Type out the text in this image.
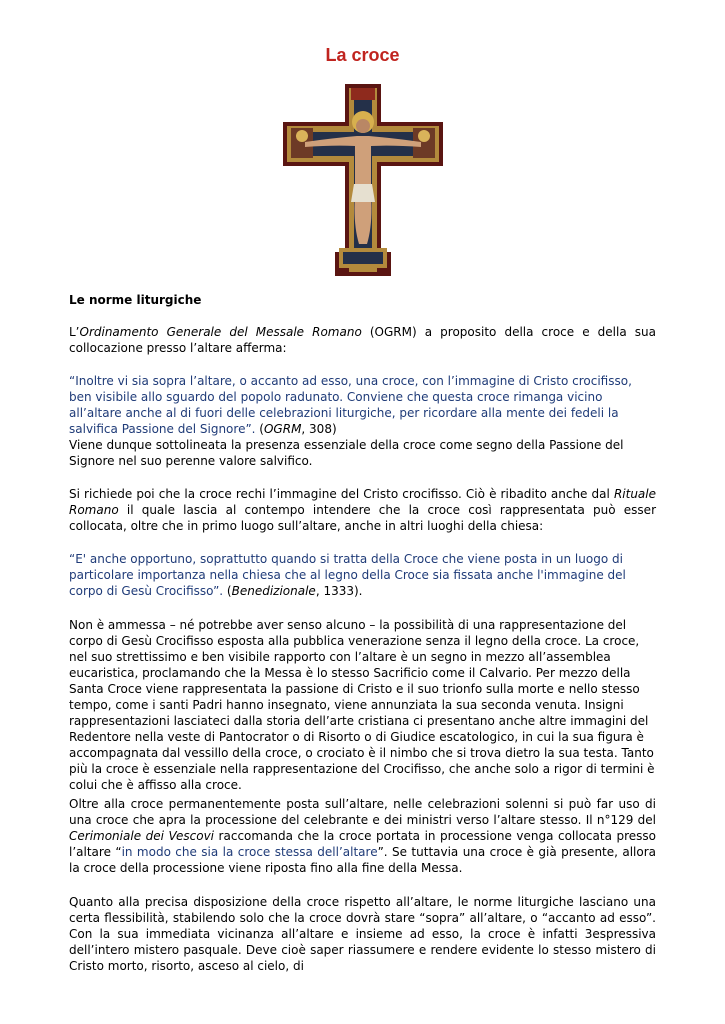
La croce
Le norme liturgiche

L’Ordinamento Generale del Messale Romano (OGRM) a proposito della croce e della sua collocazione presso l’altare afferma:

“Inoltre vi sia sopra l’altare, o accanto ad esso, una croce, con l’immagine di Cristo crocifisso, ben visibile allo sguardo del popolo radunato. Conviene che questa croce rimanga vicino all’altare anche al di fuori delle celebrazioni liturgiche, per ricordare alla mente dei fedeli la salvifica Passione del Signore”. (OGRM, 308)

Viene dunque sottolineata la presenza essenziale della croce come segno della Passione del Signore nel suo perenne valore salvifico.

Si richiede poi che la croce rechi l’immagine del Cristo crocifisso. Ciò è ribadito anche dal Rituale Romano il quale lascia al contempo intendere che la croce così rappresentata può esser collocata, oltre che in primo luogo sull’altare, anche in altri luoghi della chiesa:

“E' anche opportuno, soprattutto quando si tratta della Croce che viene posta in un luogo di particolare importanza nella chiesa che al legno della Croce sia fissata anche l'immagine del corpo di Gesù Crocifisso”. (Benedizionale, 1333).

Non è ammessa – né potrebbe aver senso alcuno – la possibilità di una rappresentazione del corpo di Gesù Crocifisso esposta alla pubblica venerazione senza il legno della croce. La croce, nel suo strettissimo e ben visibile rapporto con l’altare è un segno in mezzo all’assemblea eucaristica, proclamando che la Messa è lo stesso Sacrificio come il Calvario. Per mezzo della Santa Croce viene rappresentata la passione di Cristo e il suo trionfo sulla morte e nello stesso tempo, come i santi Padri hanno insegnato, viene annunziata la sua seconda venuta. Insigni rappresentazioni lasciateci dalla storia dell’arte cristiana ci presentano anche altre immagini del Redentore nella veste di Pantocrator o di Risorto o di Giudice escatologico, in cui la sua figura è accompagnata dal vessillo della croce, o crociato è il nimbo che si trova dietro la sua testa. Tanto più la croce è essenziale nella rappresentazione del Crocifisso, che anche solo a rigor di termini è colui che è affisso alla croce.

Oltre alla croce permanentemente posta sull’altare, nelle celebrazioni solenni si può far uso di una croce che apra la processione del celebrante e dei ministri verso l’altare stesso. Il n°129 del Cerimoniale dei Vescovi raccomanda che la croce portata in processione venga collocata presso l’altare “in modo che sia la croce stessa dell’altare”. Se tuttavia una croce è già presente, allora la croce della processione viene riposta fino alla fine della Messa.

Quanto alla precisa disposizione della croce rispetto all’altare, le norme liturgiche lasciano una certa flessibilità, stabilendo solo che la croce dovrà stare “sopra” all’altare, o “accanto ad esso”. Con la sua immediata vicinanza all’altare e insieme ad esso, la croce è infatti 3espressiva dell’intero mistero pasquale. Deve cioè saper riassumere e rendere evidente lo stesso mistero di Cristo morto, risorto, asceso al cielo, di
